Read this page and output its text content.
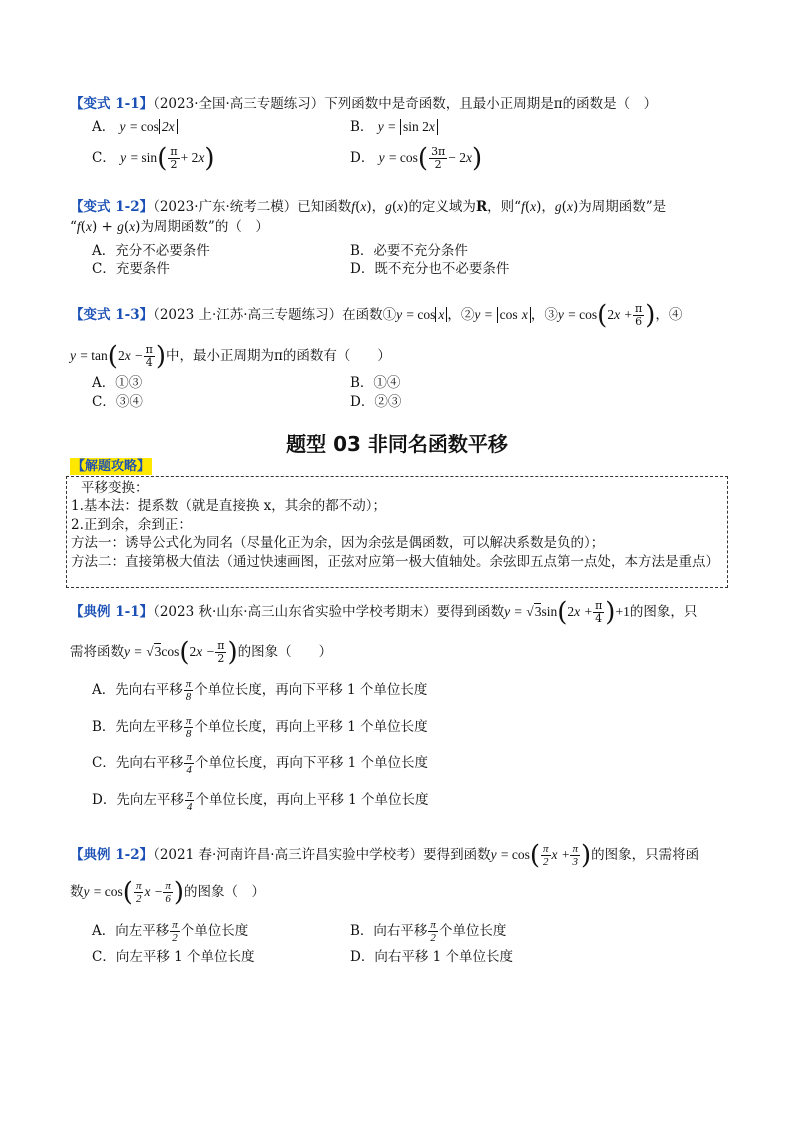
【变式 1-1】（2023·全国·高三专题练习）下列函数中是奇函数，且最小正周期是π的函数是（　）
A． y = cos 2x	B． y = sin 2x
C． $y = \sin( \frac{\pi}{2} + 2x)$	D． $y = \cos( \frac{3\pi}{2} - 2x)$
【变式 1-2】（2023·广东·统考二模）已知函数f(x)，g(x)的定义域为R，则“f(x)，g(x)为周期函数”是
“f(x) + g(x)为周期函数”的（　）
A．充分不必要条件	B．必要不充分条件
C．充要条件	D．既不充分也不必要条件
【变式 1-3】（2023 上·江苏·高三专题练习）在函数①y = cos x ，②y = cos x ，③y = $\cos(2x + \frac{\pi}{6}$ )，④
$y = \tan(2x - \frac{\pi}{4}$ )中，最小正周期为π的函数有（　　）
A．①③	B．①④
C．③④	D．②③
题型 03 非同名函数平移
【解题攻略】
平移变换：
1.基本法：提系数（就是直接换 x，其余的都不动）；
2.正到余，余到正：
方法一：诱导公式化为同名（尽量化正为余，因为余弦是偶函数，可以解决系数是负的）；
方法二：直接第极大值法（通过快速画图，正弦对应第一极大值轴处。余弦即五点第一点处，本方法是重点）
【典例 1-1】（2023 秋·山东·高三山东省实验中学校考期末）要得到函数$y = √3\sin(2x + \frac{\pi}{4} )+1$的图象，只
需将函数$y = √3\cos(2x - \frac{\pi}{2}$ )的图象（　　）
A．先向右平移 $\frac{\pi}{8}$ 个单位长度，再向下平移 1 个单位长度
B．先向左平移 $\frac{\pi}{8}$ 个单位长度，再向上平移 1 个单位长度
C．先向右平移 $\frac{\pi}{4}$ 个单位长度，再向下平移 1 个单位长度
D．先向左平移 $\frac{\pi}{4}$ 个单位长度，再向上平移 1 个单位长度
【典例 1-2】（2021 春·河南许昌·高三许昌实验中学校考）要得到函数$y = \cos( \frac{\pi}{2}$ $x + \frac{\pi}{3}$ )的图象，只需将函
数$y = \cos( \frac{\pi}{2}$ $x - \frac{\pi}{6}$ )的图象（　）
A．向左平移 $\frac{\pi}{2}$ 个单位长度	B．向右平移 $\frac{\pi}{2}$ 个单位长度
C．向左平移 1 个单位长度	D．向右平移 1 个单位长度
